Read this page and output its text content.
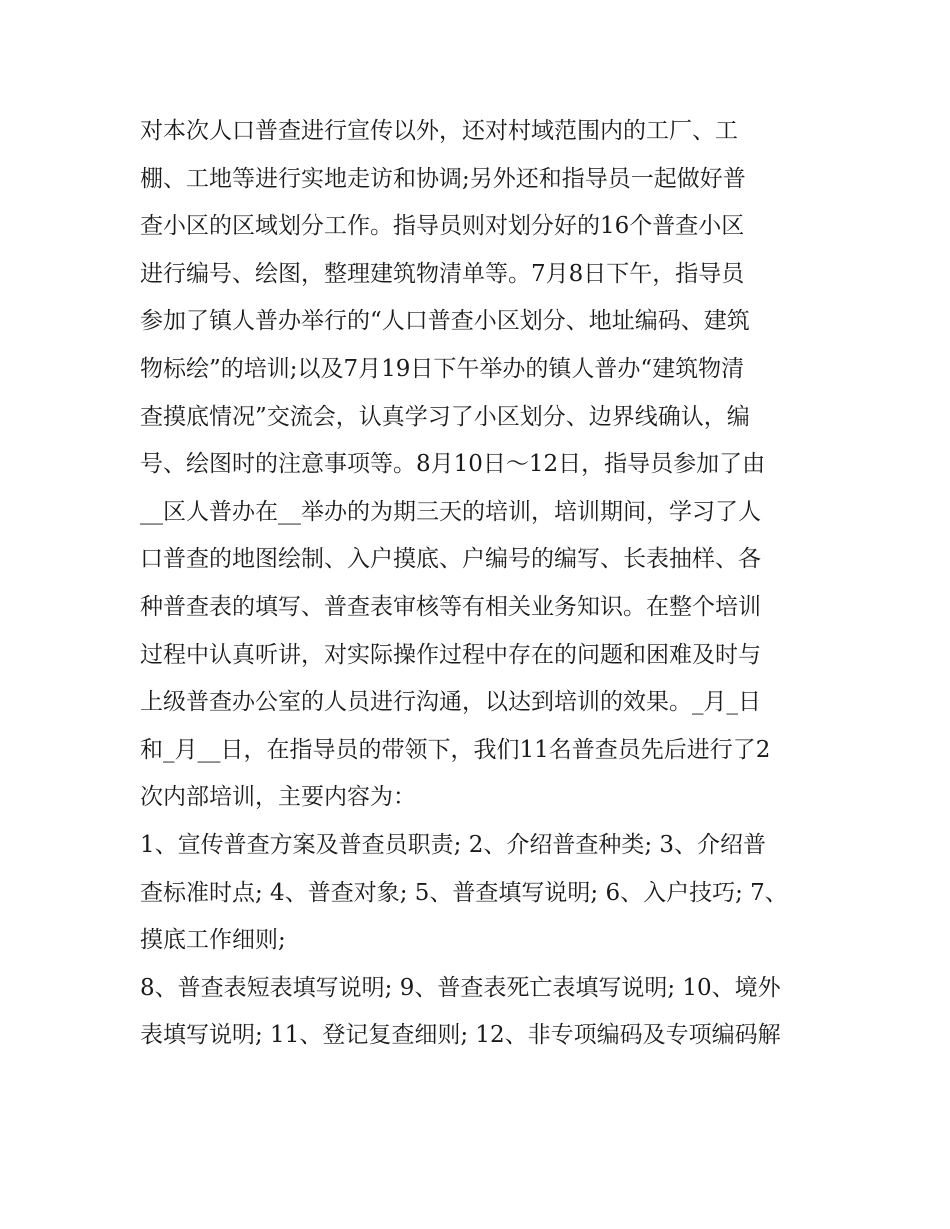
对本次人口普查进行宣传以外，还对村域范围内的工厂、工
棚、工地等进行实地走访和协调;另外还和指导员一起做好普
查小区的区域划分工作。指导员则对划分好的16个普查小区
进行编号、绘图，整理建筑物清单等。7月8日下午，指导员
参加了镇人普办举行的“人口普查小区划分、地址编码、建筑
物标绘”的培训;以及7月19日下午举办的镇人普办“建筑物清
查摸底情况”交流会，认真学习了小区划分、边界线确认，编
号、绘图时的注意事项等。8月10日～12日，指导员参加了由
__区人普办在__举办的为期三天的培训，培训期间，学习了人
口普查的地图绘制、入户摸底、户编号的编写、长表抽样、各
种普查表的填写、普查表审核等有相关业务知识。在整个培训
过程中认真听讲，对实际操作过程中存在的问题和困难及时与
上级普查办公室的人员进行沟通，以达到培训的效果。_月_日
和_月__日，在指导员的带领下，我们11名普查员先后进行了2
次内部培训，主要内容为：
1、宣传普查方案及普查员职责; 2、介绍普查种类; 3、介绍普
查标准时点; 4、普查对象; 5、普查填写说明; 6、入户技巧; 7、
摸底工作细则;
8、普查表短表填写说明; 9、普查表死亡表填写说明; 10、境外
表填写说明; 11、登记复查细则; 12、非专项编码及专项编码解
